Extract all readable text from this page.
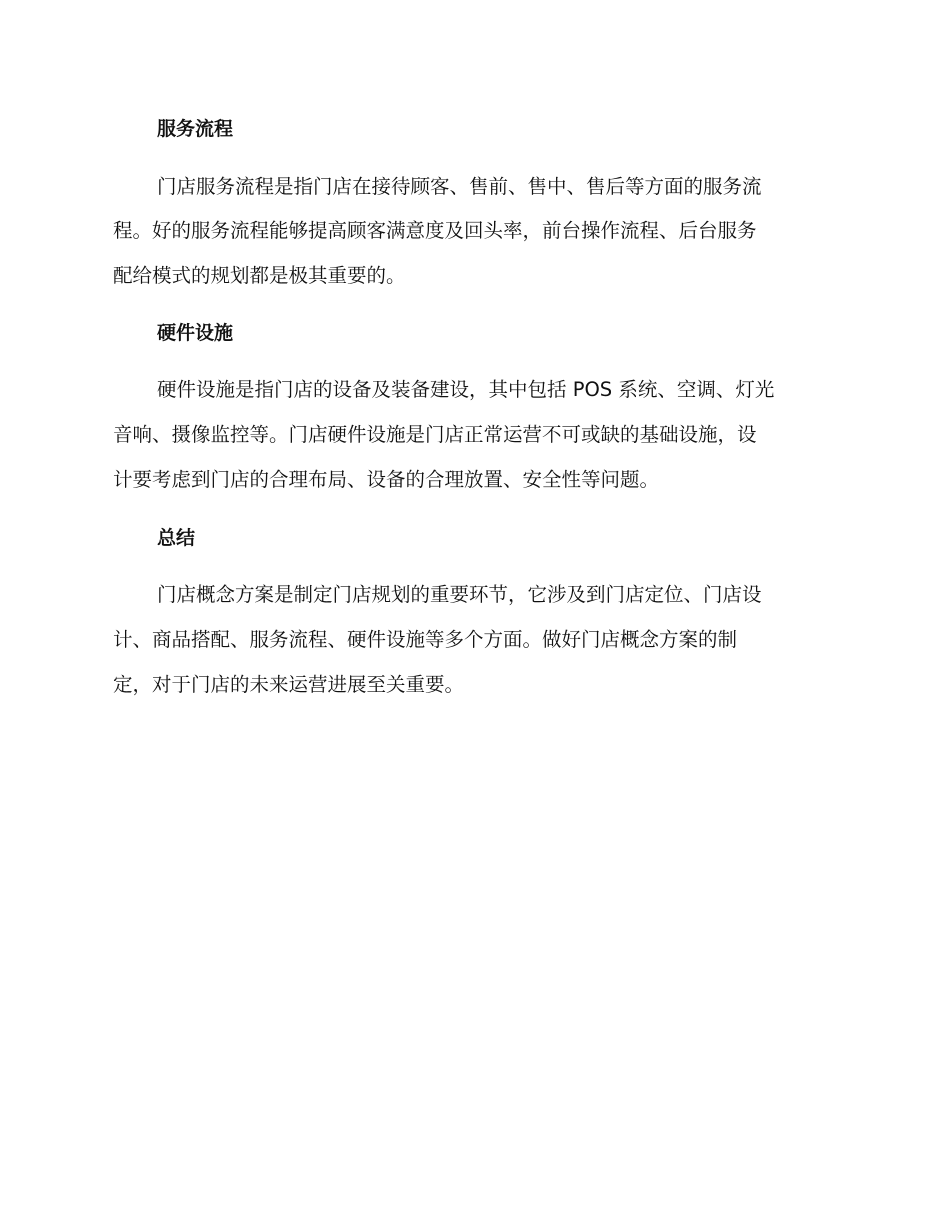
服务流程
门店服务流程是指门店在接待顾客、售前、售中、售后等方面的服务流
程。好的服务流程能够提高顾客满意度及回头率，前台操作流程、后台服务
配给模式的规划都是极其重要的。
硬件设施
硬件设施是指门店的设备及装备建设，其中包括 POS 系统、空调、灯光
音响、摄像监控等。门店硬件设施是门店正常运营不可或缺的基础设施，设
计要考虑到门店的合理布局、设备的合理放置、安全性等问题。
总结
门店概念方案是制定门店规划的重要环节，它涉及到门店定位、门店设
计、商品搭配、服务流程、硬件设施等多个方面。做好门店概念方案的制
定，对于门店的未来运营进展至关重要。
